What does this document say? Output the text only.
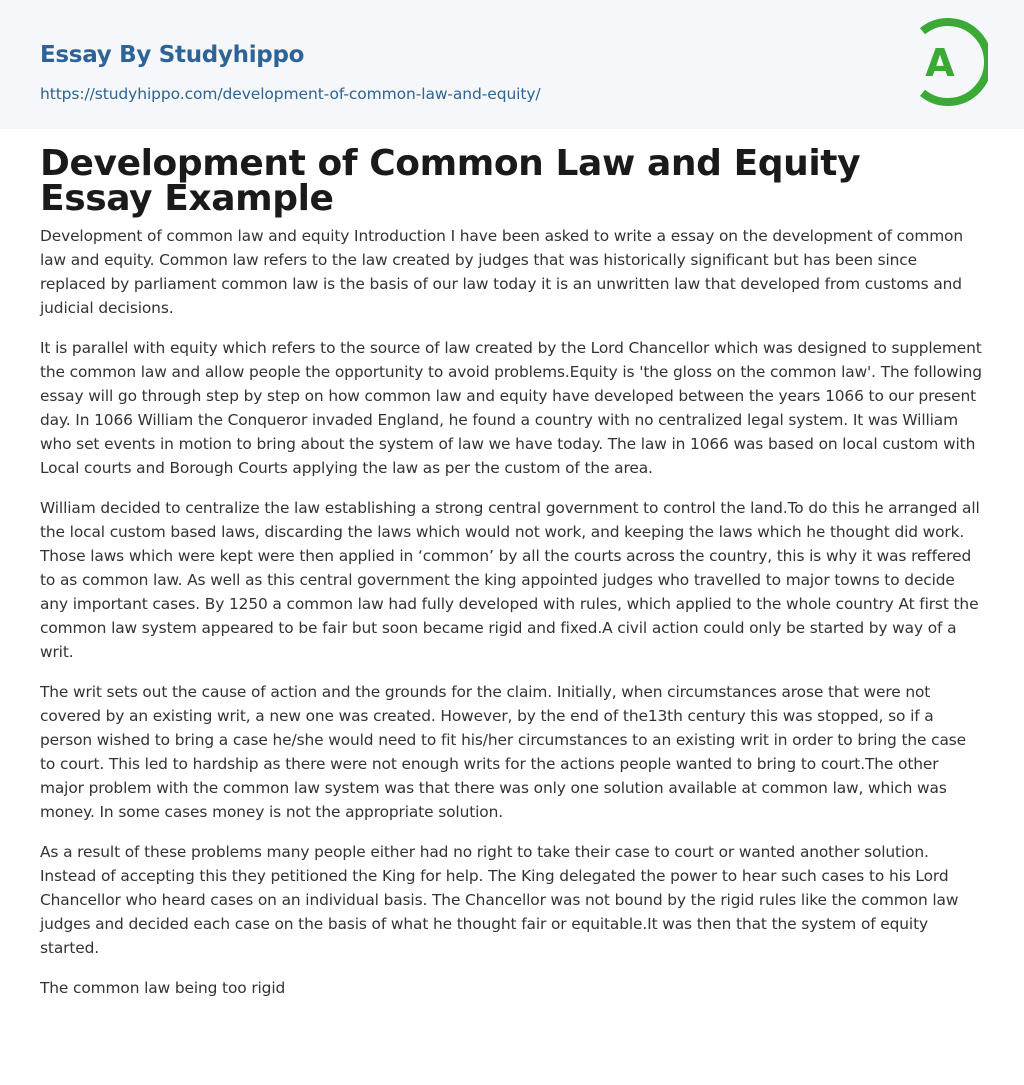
Essay By Studyhippo
https://studyhippo.com/development-of-common-law-and-equity/
A
Development of Common Law and Equity Essay Example

Development of common law and equity Introduction I have been asked to write a essay on the development of common law and equity. Common law refers to the law created by judges that was historically significant but has been since replaced by parliament common law is the basis of our law today it is an unwritten law that developed from customs and judicial decisions.

It is parallel with equity which refers to the source of law created by the Lord Chancellor which was designed to supplement the common law and allow people the opportunity to avoid problems.Equity is 'the gloss on the common law'. The following essay will go through step by step on how common law and equity have developed between the years 1066 to our present day. In 1066 William the Conqueror invaded England, he found a country with no centralized legal system. It was William who set events in motion to bring about the system of law we have today. The law in 1066 was based on local custom with Local courts and Borough Courts applying the law as per the custom of the area.

William decided to centralize the law establishing a strong central government to control the land.To do this he arranged all the local custom based laws, discarding the laws which would not work, and keeping the laws which he thought did work. Those laws which were kept were then applied in ‘common’ by all the courts across the country, this is why it was reffered to as common law. As well as this central government the king appointed judges who travelled to major towns to decide any important cases. By 1250 a common law had fully developed with rules, which applied to the whole country At first the common law system appeared to be fair but soon became rigid and fixed.A civil action could only be started by way of a writ.

The writ sets out the cause of action and the grounds for the claim. Initially, when circumstances arose that were not covered by an existing writ, a new one was created. However, by the end of the13th century this was stopped, so if a person wished to bring a case he/she would need to fit his/her circumstances to an existing writ in order to bring the case to court. This led to hardship as there were not enough writs for the actions people wanted to bring to court.The other major problem with the common law system was that there was only one solution available at common law, which was money. In some cases money is not the appropriate solution.

As a result of these problems many people either had no right to take their case to court or wanted another solution. Instead of accepting this they petitioned the King for help. The King delegated the power to hear such cases to his Lord Chancellor who heard cases on an individual basis. The Chancellor was not bound by the rigid rules like the common law judges and decided each case on the basis of what he thought fair or equitable.It was then that the system of equity started.

The common law being too rigid
